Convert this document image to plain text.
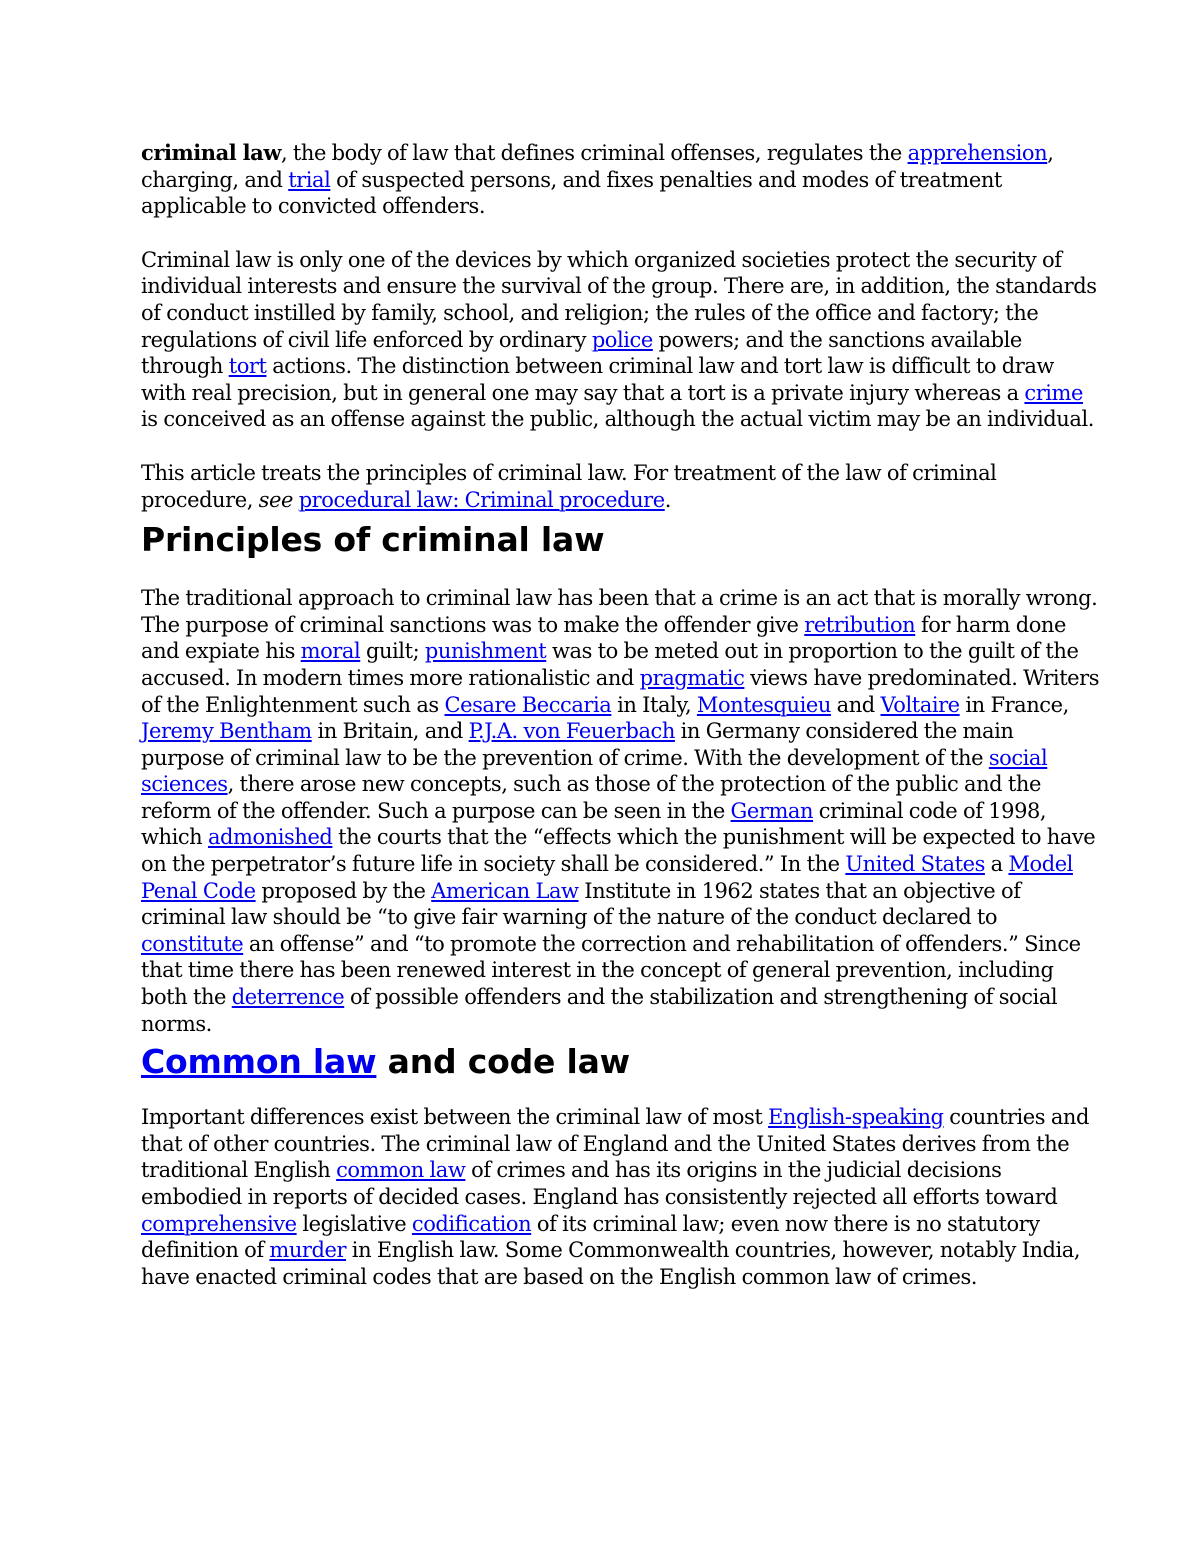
criminal law, the body of law that defines criminal offenses, regulates the apprehension, charging, and trial of suspected persons, and fixes penalties and modes of treatment applicable to convicted offenders.

Criminal law is only one of the devices by which organized societies protect the security of individual interests and ensure the survival of the group. There are, in addition, the standards of conduct instilled by family, school, and religion; the rules of the office and factory; the regulations of civil life enforced by ordinary police powers; and the sanctions available through tort actions. The distinction between criminal law and tort law is difficult to draw with real precision, but in general one may say that a tort is a private injury whereas a crime is conceived as an offense against the public, although the actual victim may be an individual.

This article treats the principles of criminal law. For treatment of the law of criminal procedure, see procedural law: Criminal procedure.

Principles of criminal law

The traditional approach to criminal law has been that a crime is an act that is morally wrong. The purpose of criminal sanctions was to make the offender give retribution for harm done and expiate his moral guilt; punishment was to be meted out in proportion to the guilt of the accused. In modern times more rationalistic and pragmatic views have predominated. Writers of the Enlightenment such as Cesare Beccaria in Italy, Montesquieu and Voltaire in France, Jeremy Bentham in Britain, and P.J.A. von Feuerbach in Germany considered the main purpose of criminal law to be the prevention of crime. With the development of the social sciences, there arose new concepts, such as those of the protection of the public and the reform of the offender. Such a purpose can be seen in the German criminal code of 1998, which admonished the courts that the “effects which the punishment will be expected to have on the perpetrator’s future life in society shall be considered.” In the United States a Model Penal Code proposed by the American Law Institute in 1962 states that an objective of criminal law should be “to give fair warning of the nature of the conduct declared to constitute an offense” and “to promote the correction and rehabilitation of offenders.” Since that time there has been renewed interest in the concept of general prevention, including both the deterrence of possible offenders and the stabilization and strengthening of social norms.

Common law and code law

Important differences exist between the criminal law of most English-speaking countries and that of other countries. The criminal law of England and the United States derives from the traditional English common law of crimes and has its origins in the judicial decisions embodied in reports of decided cases. England has consistently rejected all efforts toward comprehensive legislative codification of its criminal law; even now there is no statutory definition of murder in English law. Some Commonwealth countries, however, notably India, have enacted criminal codes that are based on the English common law of crimes.
